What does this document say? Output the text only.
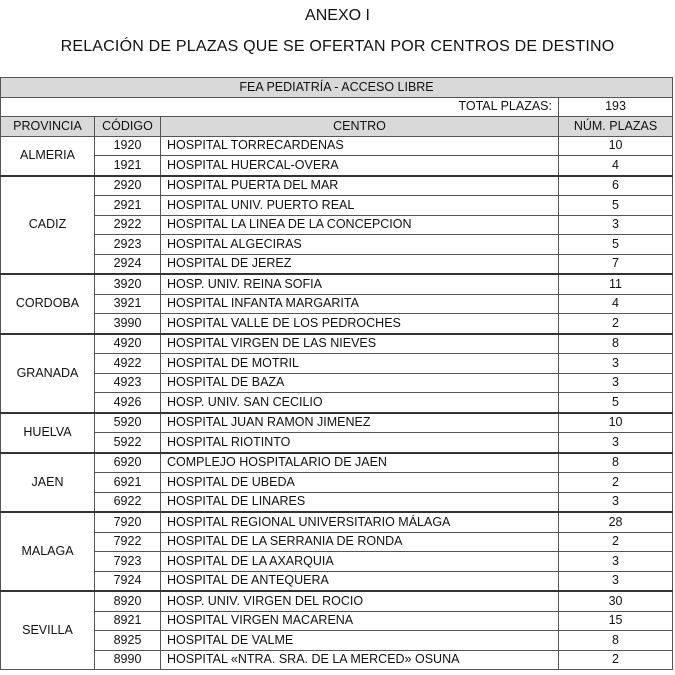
ANEXO I
RELACIÓN DE PLAZAS QUE SE OFERTAN POR CENTROS DE DESTINO
FEA PEDIATRÍA - ACCESO LIBRE			
TOTAL PLAZAS:			193
PROVINCIA	CÓDIGO	CENTRO	NÚM. PLAZAS
ALMERIA	1920	HOSPITAL TORRECARDENAS	10
	1921	HOSPITAL HUERCAL-OVERA	4
CADIZ	2920	HOSPITAL PUERTA DEL MAR	6
	2921	HOSPITAL UNIV. PUERTO REAL	5
	2922	HOSPITAL LA LINEA DE LA CONCEPCION	3
	2923	HOSPITAL ALGECIRAS	5
	2924	HOSPITAL DE JEREZ	7
CORDOBA	3920	HOSP. UNIV. REINA SOFIA	11
	3921	HOSPITAL INFANTA MARGARITA	4
	3990	HOSPITAL VALLE DE LOS PEDROCHES	2
GRANADA	4920	HOSPITAL VIRGEN DE LAS NIEVES	8
	4922	HOSPITAL DE MOTRIL	3
	4923	HOSPITAL DE BAZA	3
	4926	HOSP. UNIV. SAN CECILIO	5
HUELVA	5920	HOSPITAL JUAN RAMON JIMENEZ	10
	5922	HOSPITAL RIOTINTO	3
JAEN	6920	COMPLEJO HOSPITALARIO DE JAEN	8
	6921	HOSPITAL DE UBEDA	2
	6922	HOSPITAL DE LINARES	3
MALAGA	7920	HOSPITAL REGIONAL UNIVERSITARIO MÁLAGA	28
	7922	HOSPITAL DE LA SERRANIA DE RONDA	2
	7923	HOSPITAL DE LA AXARQUIA	3
	7924	HOSPITAL DE ANTEQUERA	3
SEVILLA	8920	HOSP. UNIV. VIRGEN DEL ROCIO	30
	8921	HOSPITAL VIRGEN MACARENA	15
	8925	HOSPITAL DE VALME	8
	8990	HOSPITAL «NTRA. SRA. DE LA MERCED» OSUNA	2
